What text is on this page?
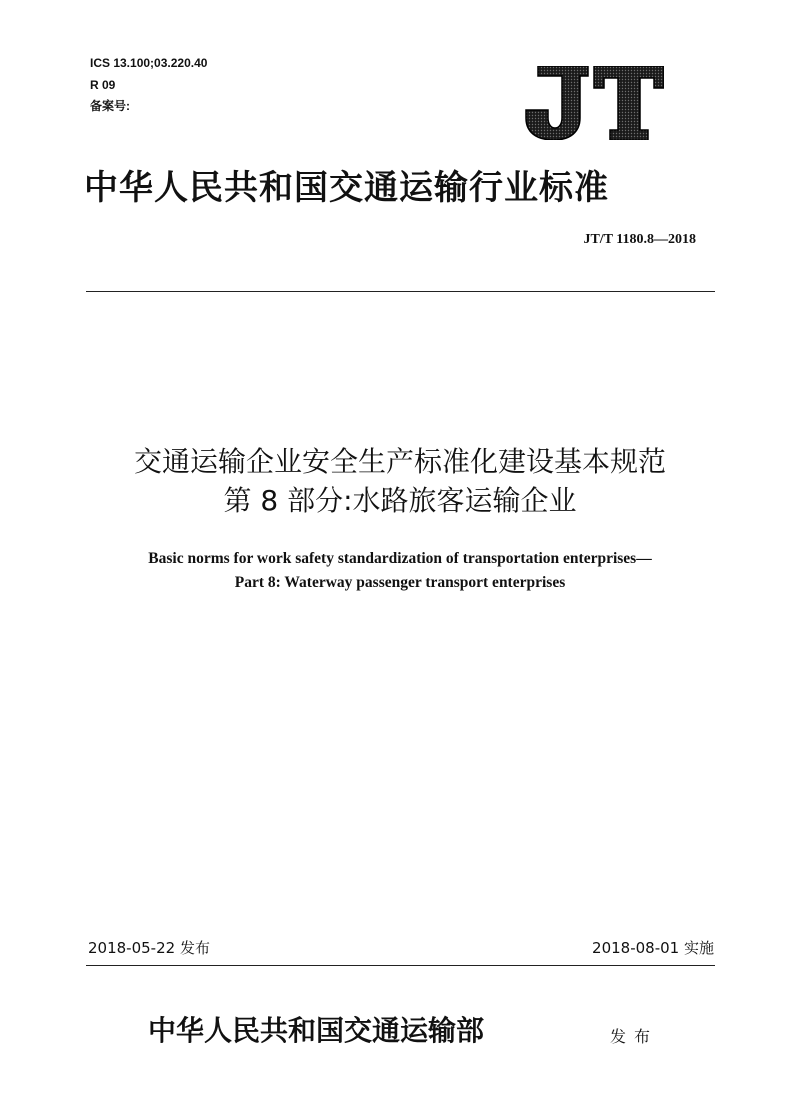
ICS 13.100;03.220.40
R 09
备案号:
中华人民共和国交通运输行业标准
JT/T 1180.8—2018
交通运输企业安全生产标准化建设基本规范
第 8 部分:水路旅客运输企业
Basic norms for work safety standardization of transportation enterprises—
Part 8: Waterway passenger transport enterprises
2018-05-22 发布	2018-08-01 实施
中华人民共和国交通运输部	发布
